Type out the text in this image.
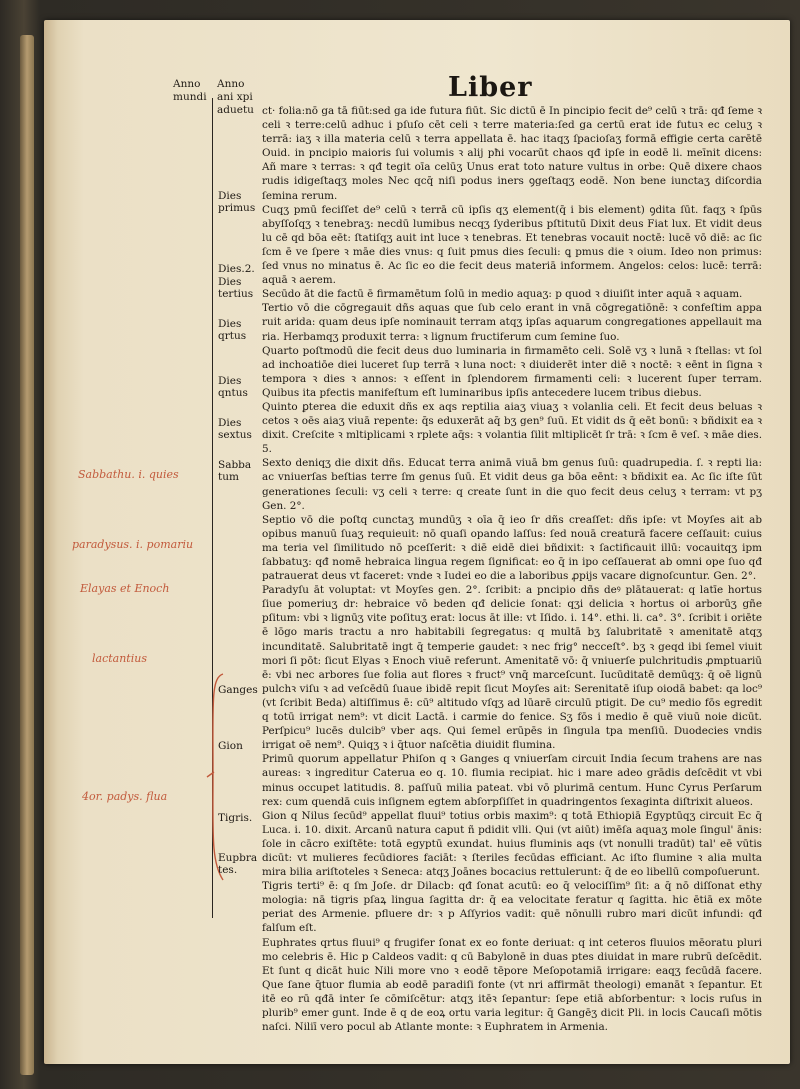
Liber
Anno
mundi
Anno
ani xpi
aduetu
Sabbathu. i. quies
paradysus. i. pomariu
Elayas et Enoch
lactantius
4or. padys. flua
Dies primus
Dies.2.
Dies tertius
Dies qrtus
Dies qntus
Dies sextus
Sabba tum
Ganges
Gion
Tigris.
Eupbra tes.

ct· folia:nō ga tā fiūt:sed ga ide futura fiūt. Sic dictū ē In pincipio fecit de⁹ celū ꝛ trā: qđ ſeme ꝛ celi ꝛ terre:celū adhuc i pſuſo cēt celi ꝛ terre materia:ſed ga certū erat ide futuꝛ ec celuʒ ꝛ terrā: iaʒ ꝛ illa materia celū ꝛ terra appellata ē. hac itaqʒ ſpacioſaʒ formā effigie certa carētē Ouid. in pncipio maioris ſui volumis ꝛ alij pħi vocarūt chaos qđ ipſe in eodē li. meīnit dicens: Añ mare ꝛ terras: ꝛ qđ tegit oīa celūʒ Unus erat toto nature vultus in orbe: Quē dixere chaos rudis idigeſtaqʒ moles Nec qcq̄ niſi podus iners ꝯgeſtaqʒ eodē. Non bene iunctaʒ diſcordia ſemina rerum.

Cuqʒ pmū feciſſet de⁹ celū ꝛ terrā cū ipſis qʒ element(q̄ i bis element) ꝯdita ſūt. faqʒ ꝛ ſpūs abyſſoſqʒ ꝛ tenebraʒ: necdū lumibus necqʒ ſyderibus pſtitutū Dixit deus Fiat lux. Et vidit deus lu cē qd bōa eēt: ſtatiſqʒ auit int luce ꝛ tenebras. Et tenebras vocauit noctē: lucē vō diē: ac ſic ſcm ē ve ſpere ꝛ māe dies vnus: q ſuit pmus dies ſeculi: ꝗ pmus die ꝛ oium. Ideo non primus: ſed vnus no minatus ē. Ac ſic eo die fecit deus materiā informem. Angelos: celos: lucē: terrā: aquā ꝛ aerem.

Secūdo āt die factū ē firmamētum ſolū in medio aquaʒ: p quod ꝛ diuiſit inter aquā ꝛ aquam.

Tertio vō die cōgregauit dñs aquas que ſub celo erant in vnā cōgregatiōnē: ꝛ confeſtim appa ruit arida: quam deus ipſe nominauit terram atqʒ ipſas aquarum congregationes appellauit ma ria. Herbamqʒ produxit terra: ꝛ lignum fructiferum cum ſemine ſuo.

Quarto poſtmodū die fecit deus duo luminaria in firmamēto celi. Solē vʒ ꝛ lunā ꝛ ſtellas: vt ſol ad inchoatiōe diei luceret ſup terrā ꝛ luna noct: ꝛ diuiderēt inter diē ꝛ noctē: ꝛ eēnt in ſigna ꝛ tempora ꝛ dies ꝛ annos: ꝛ eſſent in ſplendorem firmamenti celi: ꝛ lucerent ſuper terram. Quibus ita pfectis manifeſtum eſt luminaribus ipſis antecedere lucem tribus diebus.

Quinto ꝑterea die eduxit dñs ex aqs reptilia aiaʒ viuaʒ ꝛ volanlia celi. Et fecit deus beluas ꝛ cetos ꝛ oēs aiaʒ viuā repente: q̄s eduxerāt aq̄ bʒ gen⁹ ſuū. Et vidit ds q̄ eēt bonū: ꝛ bñdixit ea ꝛ dixit. Creſcite ꝛ mltiplicami ꝛ rplete aq̄s: ꝛ volantia ſilit mltiplicēt ſr trā: ꝛ ſcm ē veſ. ꝛ māe dies. 5.

Sexto deniqʒ die dixit dñs. Educat terra animā viuā bm genus ſuū: quadrupedia. ſ. ꝛ repti lia: ac vniuerſas beſtias terre ſm genus ſuū. Et vidit deus ga bōa eēnt: ꝛ bñdixit ea. Ac ſic iſte ſūt generationes ſeculi: vʒ celi ꝛ terre: q create ſunt in die quo fecit deus celuʒ ꝛ terram: vt pʒ Gen. 2°.

Septio vō die poſtq cunctaʒ mundūʒ ꝛ oīa q̄ ieo ſr dñs creaſſet: dñs ipſe: vt Moyſes ait ab opibus manuū ſuaʒ requieuit: nō quaſi opando laſſus: ſed nouā creaturā facere ceſſauit: cuius ma teria vel ſimilitudo nō pceſſerit: ꝛ diē eidē diei bñdixit: ꝛ ſactificauit illū: vocauitqʒ ipm ſabbatuʒ: qđ nomē hebraica lingua regem ſignificat: eo q̄ in ipo ceſſauerat ab omni ope ſuo qđ patrauerat deus vt faceret: vnde ꝛ Iudei eo die a laboribus ꝓpijs vacare dignoſcuntur. Gen. 2°.

Paradyſu āt voluptat: vt Moyſes gen. 2°. ſcribit: a pncipio dñs deꝰ plātauerat: q latīe hortus ſiue pomeriuʒ dr: hebraice vō beden qđ delicie ſonat: qʒi delicia ꝛ hortus oi arborūʒ gñe pſitum: vbi ꝛ lignūʒ vite poſituʒ erat: locus āt ille: vt Iſido. i. 14°. ethi. li. ca°. 3°. ſcribit i oriēte ē lōgo maris tractu a nro habitabili ſegregatus: q multā bʒ ſalubritatē ꝛ amenitatē atqʒ incunditatē. Salubritatē ingt q̄ temperie gaudet: ꝛ nec frig° necceſt°. bʒ ꝛ geqd ibi ſemel viuit mori ſi pōt: ſicut Elyas ꝛ Enoch viuē referunt. Amenitatē vō: q̄ vniuerſe pulchritudis ꝓmptuariū ē: vbi nec arbores ſue folia aut flores ꝛ fruct⁹ vnq̄ marceſcunt. Iucūditatē demūqʒ: q̄ oē lignū pulchꝛ viſu ꝛ ad veſcēdū ſuaue ibidē repit ſicut Moyſes ait: Serenitatē iſup oiodā babet: qa loc⁹ (vt ſcribit Beda) altiſſimus ē: cū⁹ altitudo vſqʒ ad lūarē circulū ptigit. De cu⁹ medio fōs egredit q totū irrigat nem⁹: vt dicit Lactā. i carmie do fenice. Sʒ fōs i medio ē quē viuū noie dicūt. Perſpicu⁹ lucēs dulcib⁹ vber aqs. Qui ſemel erūpēs in ſingula tpa menſiū. Duodecies vndis irrigat oē nem⁹. Quiqʒ ꝛ i q̄tuor naſcētia diuidit flumina.

Primū quorum appellatur Phiſon q ꝛ Ganges q vniuerſam circuit India ſecum trahens are nas aureas: ꝛ ingreditur Caterua eo q. 10. flumia recipiat. hic i mare adeo grādis deſcēdit vt vbi minus occupet latitudis. 8. paſſuū milia pateat. vbi vō plurimā centum. Hunc Cyrus Perſarum rex: cum quendā cuis inſignem egtem abſorpſiſſet in quadringentos ſexaginta diſtrixit alueos.

Gion q Nilus ſecūd⁹ appellat fluui⁹ totius orbis maxim⁹: q totā Ethiopiā Egyptūqʒ circuit Ec q̄ Luca. i. 10. dixit. Arcanū natura caput ñ pdidit vlli. Qui (vt aiūt) imēſa aquaʒ mole ſingul' ānis: ſole in cācro exiſtēte: totā egyptū exundat. huius fluminis aqs (vt nonulli tradūt) tal' eē vūtis dicūt: vt mulieres fecūdiores faciāt: ꝛ ſteriles fecūdas efficiant. Ac iſto flumine ꝛ alia multa mira bilia ariſtoteles ꝛ Seneca: atqʒ Joānes bocacius rettulerunt: q̄ de eo libellū compoſuerunt.

Tigris terti⁹ ē: q ſm Joſe. dr Dilacb: qđ ſonat acutū: eo q̄ velociſſim⁹ ſit: a q̄ nō diſſonat ethy mologia: nā tigris pſaꝝ lingua ſagitta dr: q̄ ea velocitate feratur q ſagitta. hic ētiā ex mōte periat des Armenie. pfluere dr: ꝛ p Aſſyrios vadit: quē nōnulli rubro mari dicūt infundi: qđ falſum eſt.

Euphrates qrtus fluui⁹ q frugifer ſonat ex eo fonte deriuat: q int ceteros fluuios mēoratu pluri mo celebris ē. Hic p Caldeos vadit: q cū Babylonē in duas ptes diuidat in mare rubrū deſcēdit. Et ſunt q dicāt huic Nili more vno ꝛ eodē tēpore Meſopotamiā irrigare: eaqʒ fecūdā facere. Que ſane q̄tuor flumia ab eodē paradiſi fonte (vt nri affirmāt theologi) emanāt ꝛ ſepantur. Et itē eo rū qđā inter ſe cōmiſcētur: atqʒ itēꝛ ſepantur: ſepe etiā abſorbentur: ꝛ locis ruſus in plurib⁹ emer gunt. Inde ē q de eoꝝ ortu varia legitur: q̄ Gangēʒ dicit Pli. in locis Caucaſi mōtis naſci. Niliī vero pocul ab Atlante monte: ꝛ Euphratem in Armenia.
